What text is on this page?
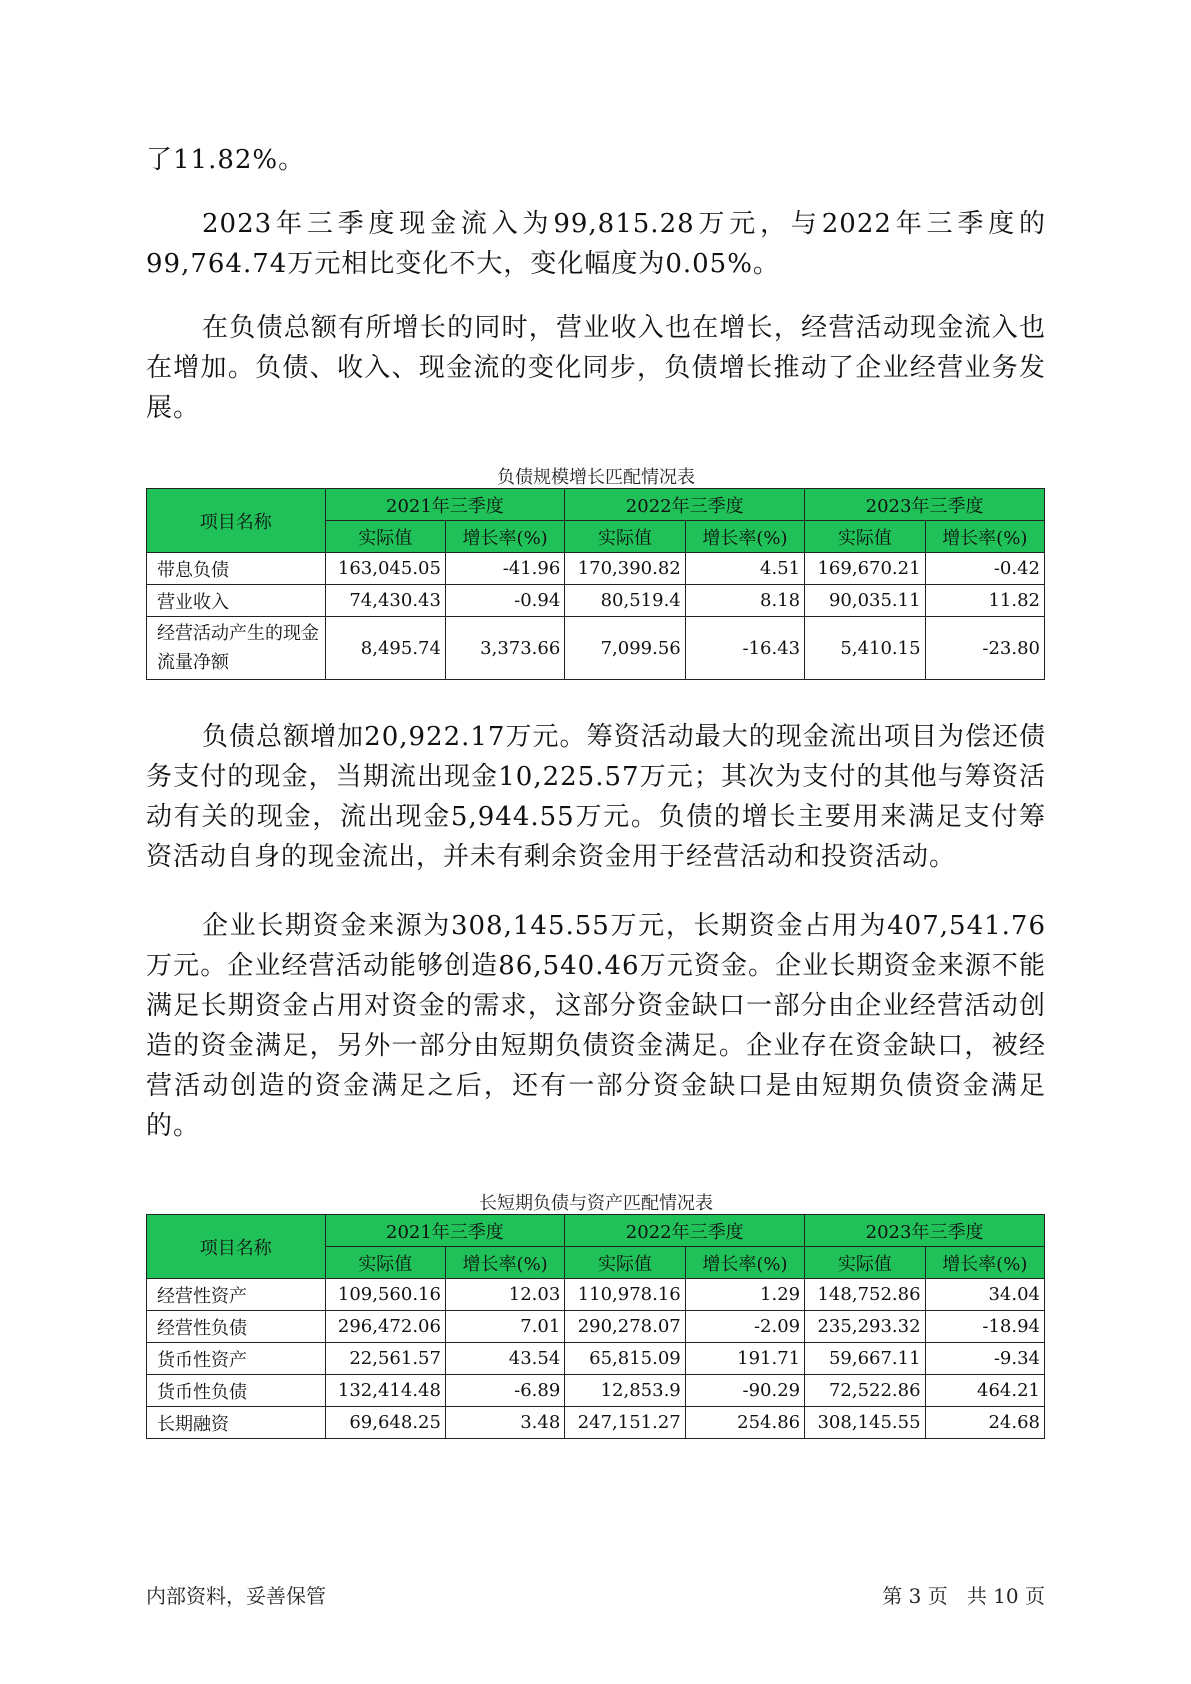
了11.82%。

2023年三季度现金流入为99,815.28万元，与2022年三季度的99,764.74万元相比变化不大，变化幅度为0.05%。

在负债总额有所增长的同时，营业收入也在增长，经营活动现金流入也在增加。负债、收入、现金流的变化同步，负债增长推动了企业经营业务发展。

负债规模增长匹配情况表
项目名称	2021年三季度		2022年三季度		2023年三季度	
	实际值	增长率(%)	实际值	增长率(%)	实际值	增长率(%)
带息负债	163,045.05	-41.96	170,390.82	4.51	169,670.21	-0.42
营业收入	74,430.43	-0.94	80,519.4	8.18	90,035.11	11.82
经营活动产生的现金流量净额	8,495.74	3,373.66	7,099.56	-16.43	5,410.15	-23.80

负债总额增加20,922.17万元。筹资活动最大的现金流出项目为偿还债务支付的现金，当期流出现金10,225.57万元；其次为支付的其他与筹资活动有关的现金，流出现金5,944.55万元。负债的增长主要用来满足支付筹资活动自身的现金流出，并未有剩余资金用于经营活动和投资活动。

企业长期资金来源为308,145.55万元，长期资金占用为407,541.76万元。企业经营活动能够创造86,540.46万元资金。企业长期资金来源不能满足长期资金占用对资金的需求，这部分资金缺口一部分由企业经营活动创造的资金满足，另外一部分由短期负债资金满足。企业存在资金缺口，被经营活动创造的资金满足之后，还有一部分资金缺口是由短期负债资金满足的。

长短期负债与资产匹配情况表
项目名称	2021年三季度		2022年三季度		2023年三季度	
	实际值	增长率(%)	实际值	增长率(%)	实际值	增长率(%)
经营性资产	109,560.16	12.03	110,978.16	1.29	148,752.86	34.04
经营性负债	296,472.06	7.01	290,278.07	-2.09	235,293.32	-18.94
货币性资产	22,561.57	43.54	65,815.09	191.71	59,667.11	-9.34
货币性负债	132,414.48	-6.89	12,853.9	-90.29	72,522.86	464.21
长期融资	69,648.25	3.48	247,151.27	254.86	308,145.55	24.68
内部资料，妥善保管	第 3 页   共 10 页
